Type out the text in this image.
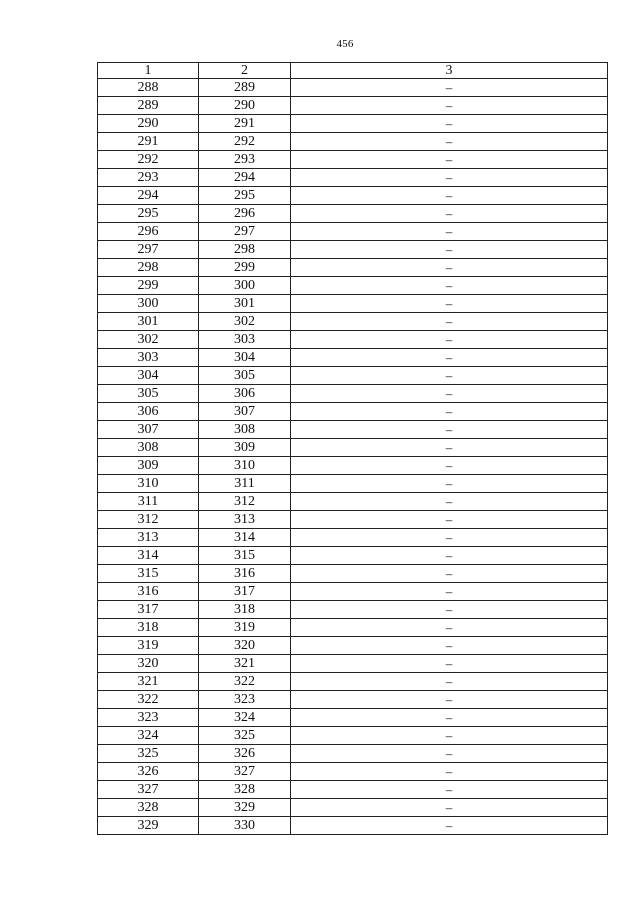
456
1	2	3
288	289	–
289	290	–
290	291	–
291	292	–
292	293	–
293	294	–
294	295	–
295	296	–
296	297	–
297	298	–
298	299	–
299	300	–
300	301	–
301	302	–
302	303	–
303	304	–
304	305	–
305	306	–
306	307	–
307	308	–
308	309	–
309	310	–
310	311	–
311	312	–
312	313	–
313	314	–
314	315	–
315	316	–
316	317	–
317	318	–
318	319	–
319	320	–
320	321	–
321	322	–
322	323	–
323	324	–
324	325	–
325	326	–
326	327	–
327	328	–
328	329	–
329	330	–
